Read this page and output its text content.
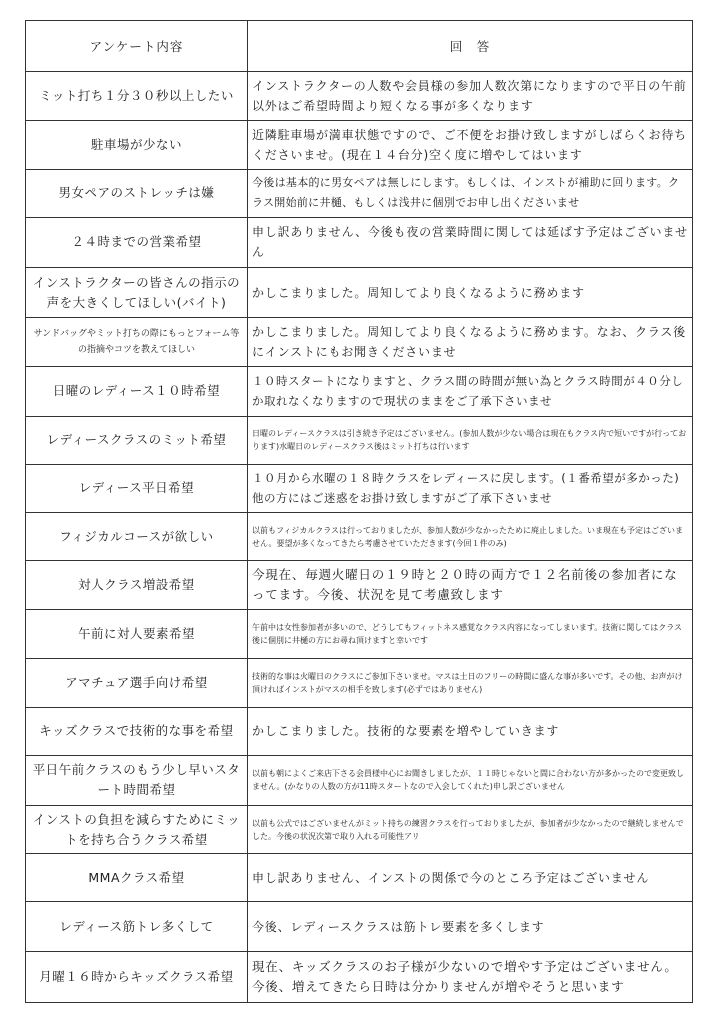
アンケート内容	回　答
ミット打ち１分３０秒以上したい	インストラクターの人数や会員様の参加人数次第になりますので平日の午前以外はご希望時間より短くなる事が多くなります
駐車場が少ない	近隣駐車場が満車状態ですので、ご不便をお掛け致しますがしばらくお待ちくださいませ。(現在１４台分)空く度に増やしてはいます
男女ペアのストレッチは嫌	今後は基本的に男女ペアは無しにします。もしくは、インストが補助に回ります。クラス開始前に井樋、もしくは浅井に個別でお申し出くださいませ
２４時までの営業希望	申し訳ありません、今後も夜の営業時間に関しては延ばす予定はございません
インストラクターの皆さんの指示の声を大きくしてほしい(バイト)	かしこまりました。周知してより良くなるように務めます
サンドバッグやミット打ちの際にもっとフォーム等の指摘やコツを教えてほしい	かしこまりました。周知してより良くなるように務めます。なお、クラス後にインストにもお聞きくださいませ
日曜のレディース１０時希望	１０時スタートになりますと、クラス間の時間が無い為とクラス時間が４０分しか取れなくなりますので現状のままをご了承下さいませ
レディースクラスのミット希望	日曜のレディースクラスは引き続き予定はございません。(参加人数が少ない場合は現在もクラス内で短いですが行っております)水曜日のレディースクラス後はミット打ちは行います
レディース平日希望	１０月から水曜の１８時クラスをレディースに戻します。(１番希望が多かった)他の方にはご迷惑をお掛け致しますがご了承下さいませ
フィジカルコースが欲しい	以前もフィジカルクラスは行っておりましたが、参加人数が少なかったために廃止しました。いま現在も予定はございません。要望が多くなってきたら考慮させていただきます(今回１件のみ)
対人クラス増設希望	今現在、毎週火曜日の１９時と２０時の両方で１２名前後の参加者になってます。今後、状況を見て考慮致します
午前に対人要素希望	午前中は女性参加者が多いので、どうしてもフィットネス感覚なクラス内容になってしまいます。技術に関してはクラス後に個別に井樋の方にお尋ね頂けますと幸いです
アマチュア選手向け希望	技術的な事は火曜日のクラスにご参加下さいませ。マスは土日のフリーの時間に盛んな事が多いです。その他、お声がけ頂ければインストがマスの相手を致します(必ずではありません)
キッズクラスで技術的な事を希望	かしこまりました。技術的な要素を増やしていきます
平日午前クラスのもう少し早いスタート時間希望	以前も朝によくご来店下さる会員様中心にお聞きしましたが、１１時じゃないと間に合わない方が多かったので変更致しません。(かなりの人数の方が11時スタートなので入会してくれた)申し訳ございません
インストの負担を減らすためにミットを持ち合うクラス希望	以前も公式ではございませんがミット持ちの練習クラスを行っておりましたが、参加者が少なかったので継続しませんでした。今後の状況次第で取り入れる可能性アリ
MMAクラス希望	申し訳ありません、インストの関係で今のところ予定はございません
レディース筋トレ多くして	今後、レディースクラスは筋トレ要素を多くします
月曜１６時からキッズクラス希望	現在、キッズクラスのお子様が少ないので増やす予定はございません。今後、増えてきたら日時は分かりませんが増やそうと思います
